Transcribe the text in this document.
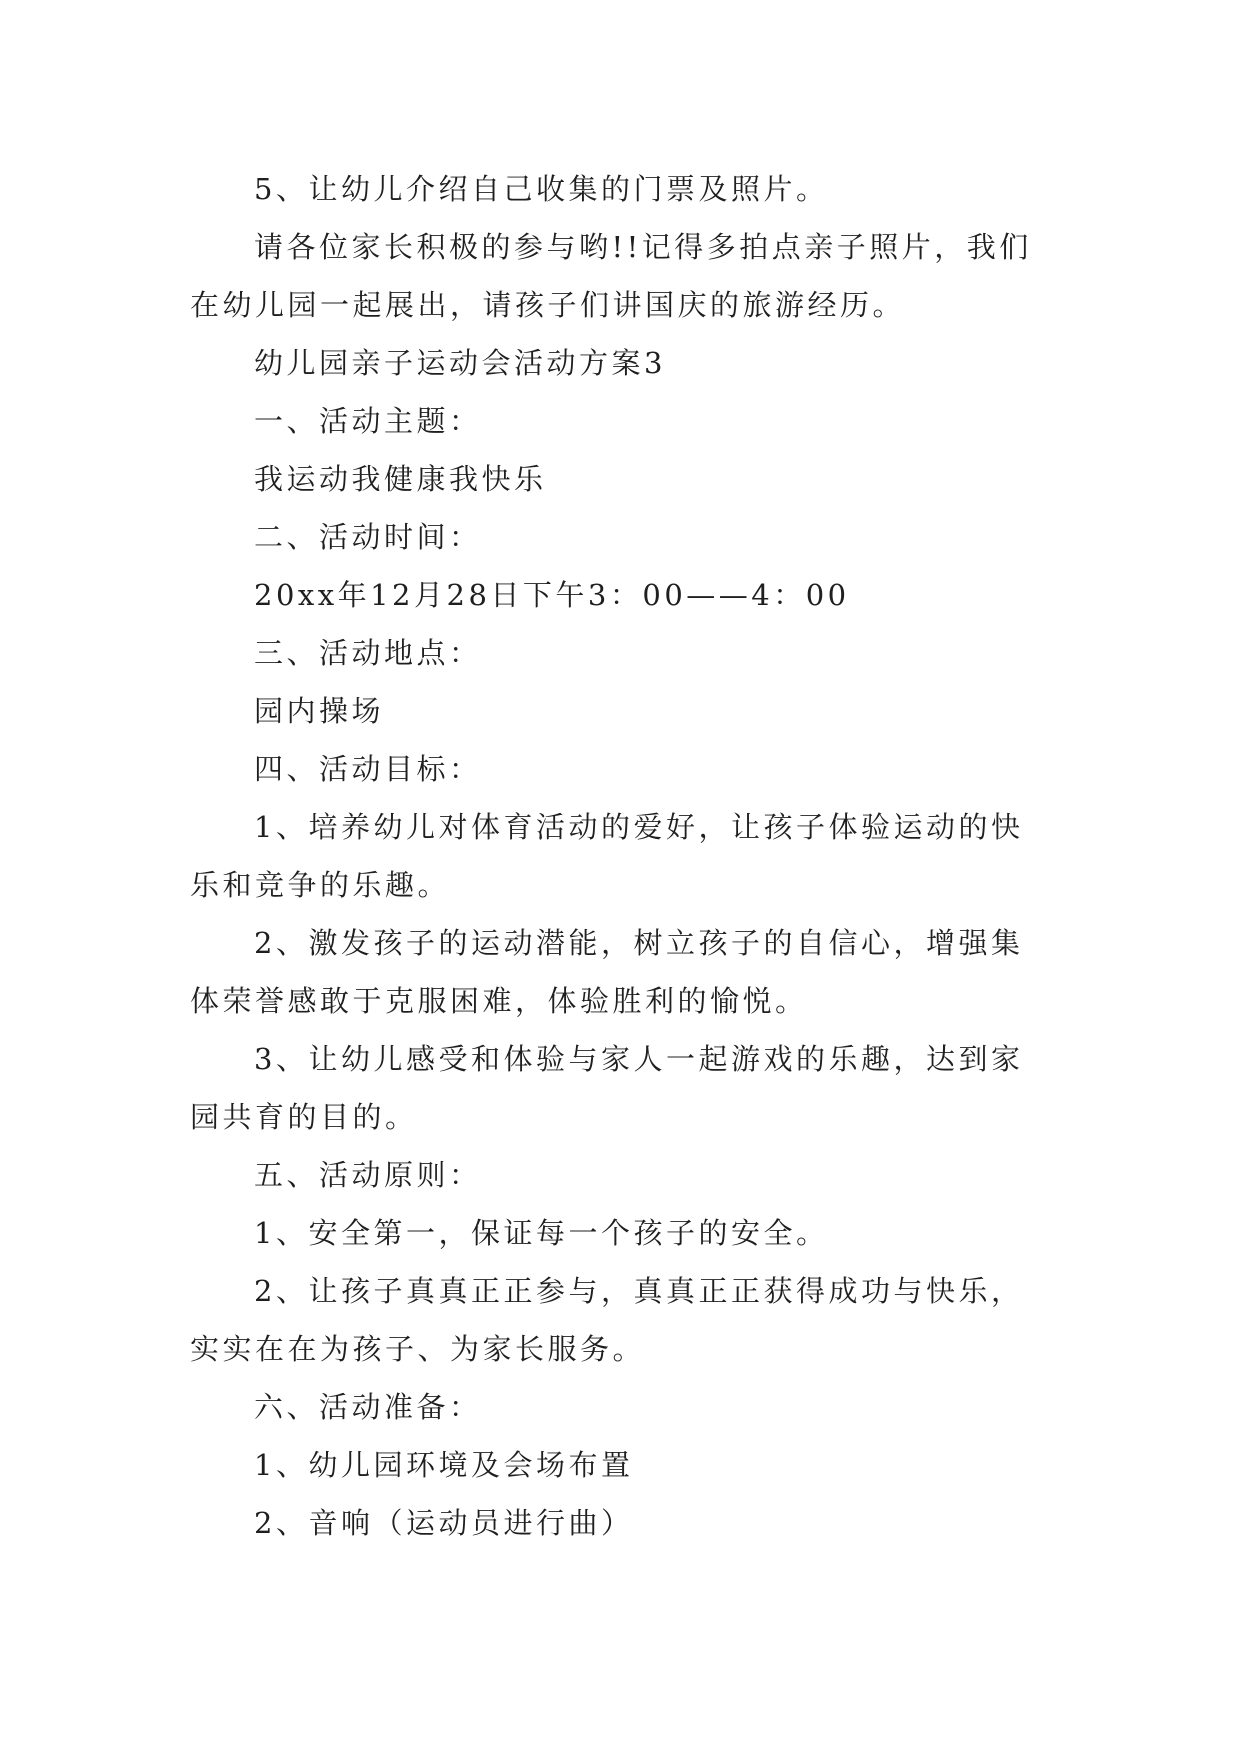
5、让幼儿介绍自己收集的门票及照片。

请各位家长积极的参与哟!!记得多拍点亲子照片，我们在幼儿园一起展出，请孩子们讲国庆的旅游经历。

幼儿园亲子运动会活动方案3

一、活动主题：

我运动我健康我快乐

二、活动时间：

20xx年12月28日下午3：00——4：00

三、活动地点：

园内操场

四、活动目标：

1、培养幼儿对体育活动的爱好，让孩子体验运动的快乐和竞争的乐趣。

2、激发孩子的运动潜能，树立孩子的自信心，增强集体荣誉感敢于克服困难，体验胜利的愉悦。

3、让幼儿感受和体验与家人一起游戏的乐趣，达到家园共育的目的。

五、活动原则：

1、安全第一，保证每一个孩子的安全。

2、让孩子真真正正参与，真真正正获得成功与快乐，实实在在为孩子、为家长服务。

六、活动准备：

1、幼儿园环境及会场布置

2、音响（运动员进行曲）
